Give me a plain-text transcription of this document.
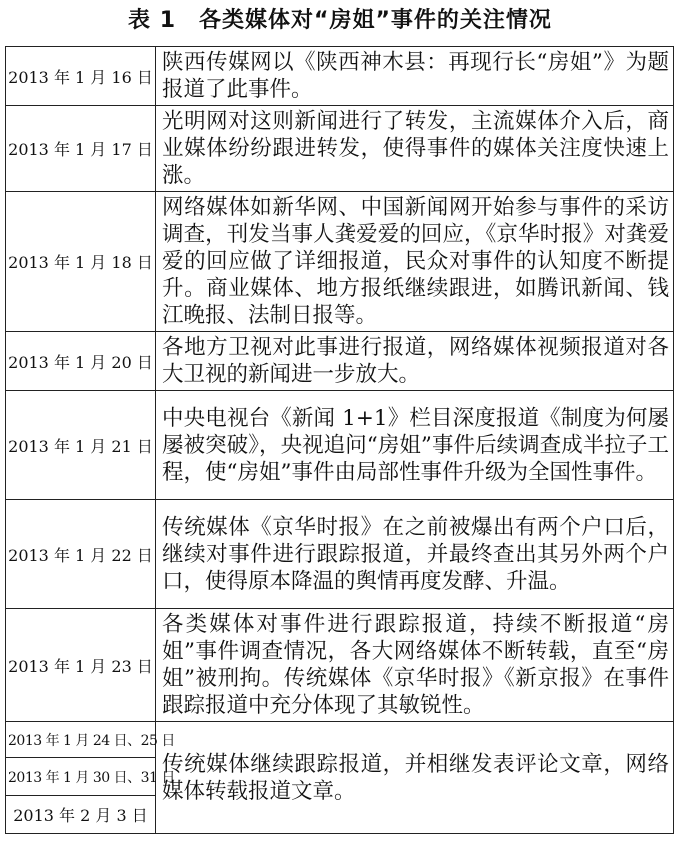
表 1　各类媒体对“房姐”事件的关注情况
2013 年 1 月 16 日	陕西传媒网以《陕西神木县：再现行长“房姐”》为题报道了此事件。
2013 年 1 月 17 日	光明网对这则新闻进行了转发，主流媒体介入后，商业媒体纷纷跟进转发，使得事件的媒体关注度快速上涨。
2013 年 1 月 18 日	网络媒体如新华网、中国新闻网开始参与事件的采访调查，刊发当事人龚爱爱的回应，《京华时报》对龚爱爱的回应做了详细报道，民众对事件的认知度不断提升。商业媒体、地方报纸继续跟进，如腾讯新闻、钱江晚报、法制日报等。
2013 年 1 月 20 日	各地方卫视对此事进行报道，网络媒体视频报道对各大卫视的新闻进一步放大。
2013 年 1 月 21 日	中央电视台《新闻 1+1》栏目深度报道《制度为何屡屡被突破》，央视追问“房姐”事件后续调查成半拉子工程，使“房姐”事件由局部性事件升级为全国性事件。
2013 年 1 月 22 日	传统媒体《京华时报》在之前被爆出有两个户口后，继续对事件进行跟踪报道，并最终查出其另外两个户口，使得原本降温的舆情再度发酵、升温。
2013 年 1 月 23 日	各类媒体对事件进行跟踪报道，持续不断报道“房姐”事件调查情况，各大网络媒体不断转载，直至“房姐”被刑拘。传统媒体《京华时报》《新京报》在事件跟踪报道中充分体现了其敏锐性。
2013 年 1 月 24 日、25 日	传统媒体继续跟踪报道，并相继发表评论文章，网络媒体转载报道文章。
2013 年 1 月 30 日、31 日	
2013 年 2 月 3 日	
